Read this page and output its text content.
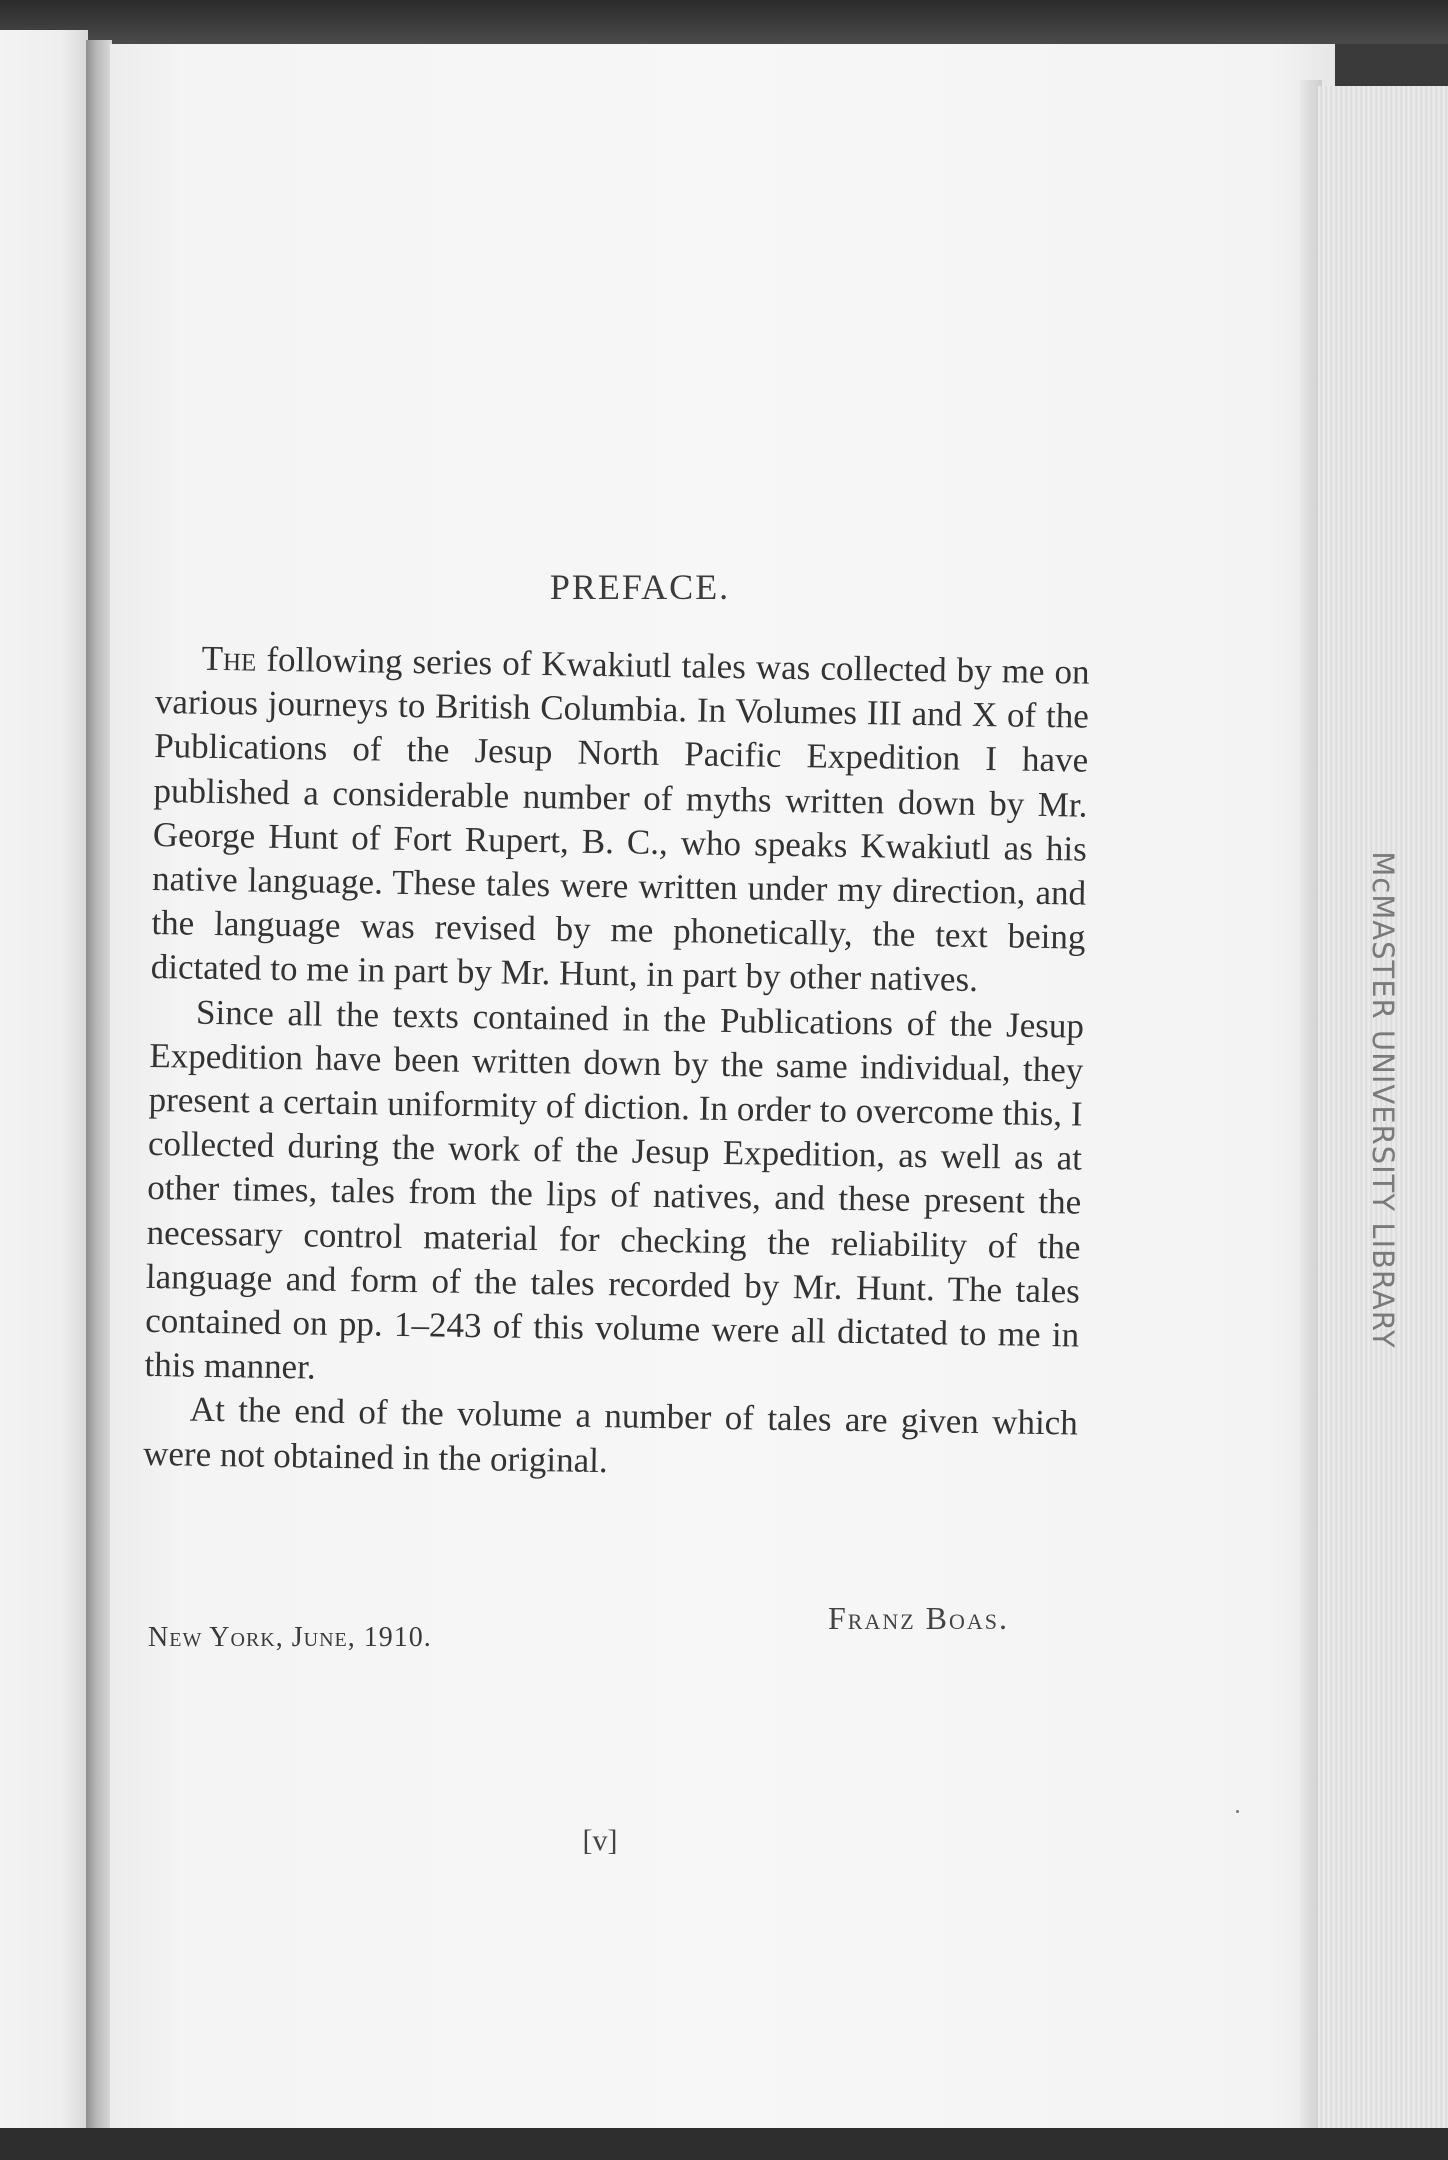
McMASTER UNIVERSITY LIBRARY
PREFACE.

The following series of Kwakiutl tales was collected by me on various journeys to British Columbia. In Volumes III and X of the Publications of the Jesup North Pacific Expedition I have published a considerable number of myths written down by Mr. George Hunt of Fort Rupert, B. C., who speaks Kwakiutl as his native language. These tales were written under my direction, and the language was revised by me phonetically, the text being dictated to me in part by Mr. Hunt, in part by other natives.

Since all the texts contained in the Publications of the Jesup Expedition have been written down by the same individual, they present a certain uniformity of diction. In order to overcome this, I collected during the work of the Jesup Expedition, as well as at other times, tales from the lips of natives, and these present the necessary control material for checking the reliability of the language and form of the tales recorded by Mr. Hunt. The tales contained on pp. 1–243 of this volume were all dictated to me in this manner.

At the end of the volume a number of tales are given which were not obtained in the original.

Franz Boas.
New York, June, 1910.
[v]
